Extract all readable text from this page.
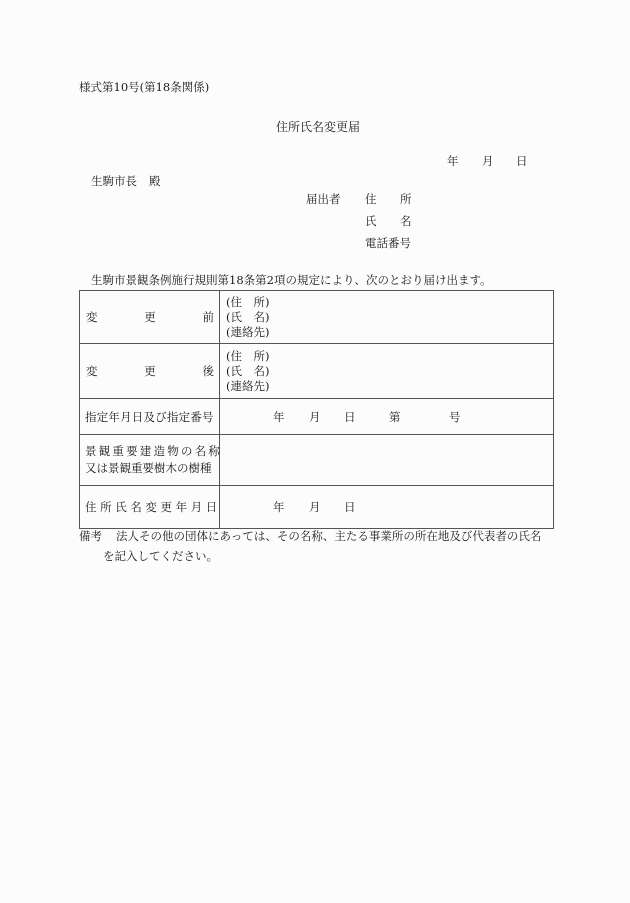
様式第10号(第18条関係)
住所氏名変更届
年 月 日
生駒市長 殿
届出者 住 所
氏 名
電話番号
生駒市景観条例施行規則第18条第2項の規定により、次のとおり届け出ます。
変	更	前

(住　所)
(氏　名)
(連絡先)

変	更	後

(住　所)
(氏　名)
(連絡先)

指定年月日及び指定番号	年 月 日 第 号

景観重要建造物の名称
又は景観重要樹木の樹種	

住所氏名変更年月日	年 月 日
備考 法人その他の団体にあっては、その名称、主たる事業所の所在地及び代表者の氏名
を記入してください。
